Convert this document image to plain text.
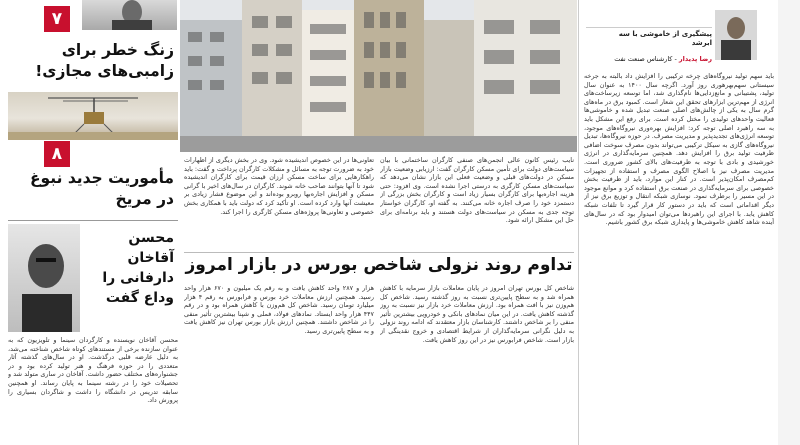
۷
زنگ خطر برای
زامبی‌های مجازی!
۸
مأموریت جدید نبوغ
در مریخ
محسن آقاخان
دارفانی را وداع گفت
محسن آقاخان نویسنده و کارگردان سینما و تلویزیون که به عنوان سازنده برخی از مستندهای کوتاه شاخص شناخته می‌شد، به دلیل عارضه قلبی درگذشت. او در سال‌های گذشته آثار متعددی را در حوزه فرهنگ و هنر تولید کرده بود و در جشنواره‌های مختلف حضور داشت. آقاخان در ساری متولد شد و تحصیلات خود را در رشته سینما به پایان رساند. او همچنین سابقه تدریس در دانشگاه را داشت و شاگردان بسیاری را پرورش داد.
نایب رئیس کانون عالی انجمن‌های صنفی کارگران ساختمانی با بیان سیاست‌های دولت برای تأمین مسکن کارگران گفت: ارزیابی وضعیت بازار مسکن در دولت‌های قبلی و وضعیت فعلی این بازار نشان می‌دهد که سیاست‌های مسکن کارگری به درستی اجرا نشده است. وی افزود: حتی هزینه اجاره‌بها برای کارگران بسیار زیاد است و کارگران بخش بزرگی از دستمزد خود را صرف اجاره خانه می‌کنند. به گفته او، کارگران خواستار توجه جدی به مسکن در سیاست‌های دولت هستند و باید برنامه‌ای برای حل این مشکل ارائه شود.
تعاونی‌ها در این خصوص اندیشیده شود. وی در بخش دیگری از اظهارات خود به ضرورت توجه به مسائل و مشکلات کارگران پرداخت و گفت: باید راهکارهایی برای ساخت مسکن ارزان قیمت برای کارگران اندیشیده شود تا آنها بتوانند صاحب خانه شوند. کارگران در سال‌های اخیر با گرانی مسکن و افزایش اجاره‌بها روبرو بوده‌اند و این موضوع فشار زیادی بر معیشت آنها وارد کرده است. او تأکید کرد که دولت باید با همکاری بخش خصوصی و تعاونی‌ها پروژه‌های مسکن کارگری را اجرا کند.
تداوم روند نزولی شاخص بورس در بازار امروز
شاخص کل بورس تهران امروز در پایان معاملات بازار سرمایه با کاهش همراه شد و به سطح پایین‌تری نسبت به روز گذشته رسید. شاخص کل هم‌وزن نیز با افت همراه بود. ارزش معاملات خرد بازار نیز نسبت به روز گذشته کاهش یافت. در این میان نمادهای بانکی و خودرویی بیشترین تأثیر منفی را بر شاخص داشتند. کارشناسان بازار معتقدند که ادامه روند نزولی به دلیل نگرانی سرمایه‌گذاران از شرایط اقتصادی و خروج نقدینگی از بازار است. شاخص فرابورس نیز در این روز کاهش یافت.
هزار و ۲۸۷ واحد کاهش یافت و به رقم یک میلیون و ۶۷۰ هزار واحد رسید. همچنین ارزش معاملات خرد بورس و فرابورس به رقم ۴ هزار میلیارد تومان رسید. شاخص کل هم‌وزن با کاهش همراه بود و در رقم ۴۴۷ هزار واحد ایستاد. نمادهای فولاد، فملی و شپنا بیشترین تأثیر منفی را در شاخص داشتند. همچنین ارزش بازار بورس تهران نیز کاهش یافت و به سطح پایین‌تری رسید.
پیشگیری از خاموشی با سه
ابرشد
رضا پدیدار - کارشناس صنعت نفت
باید سهم تولید نیروگاه‌های چرخه ترکیبی را افزایش داد بالبته به جرخه سیستانی سهم‌بهرهوری روز آورد. اگرچه سال ۱۴۰۰ به عنوان سال تولید، پشتیبانی و مانع‌زدایی‌ها نام‌گذاری شد، اما توسعه زیرساخت‌های انرژی از مهم‌ترین ابزارهای تحقق این شعار است. کمبود برق در ماه‌های گرم سال به یکی از چالش‌های اصلی صنعت تبدیل شده و خاموشی‌ها فعالیت واحدهای تولیدی را مختل کرده است. برای رفع این مشکل باید به سه راهبرد اصلی توجه کرد: افزایش بهره‌وری نیروگاه‌های موجود، توسعه انرژی‌های تجدیدپذیر و مدیریت مصرف. در حوزه نیروگاه‌ها، تبدیل نیروگاه‌های گازی به سیکل ترکیبی می‌تواند بدون مصرف سوخت اضافی ظرفیت تولید برق را افزایش دهد. همچنین سرمایه‌گذاری در انرژی خورشیدی و بادی با توجه به ظرفیت‌های بالای کشور ضروری است. مدیریت مصرف نیز با اصلاح الگوی مصرف و استفاده از تجهیزات کم‌مصرف امکان‌پذیر است. در کنار این موارد، باید از ظرفیت بخش خصوصی برای سرمایه‌گذاری در صنعت برق استفاده کرد و موانع موجود در این مسیر را برطرف نمود. نوسازی شبکه انتقال و توزیع برق نیز از دیگر اقداماتی است که باید در دستور کار قرار گیرد تا تلفات شبکه کاهش یابد. با اجرای این راهبردها می‌توان امیدوار بود که در سال‌های آینده شاهد کاهش خاموشی‌ها و پایداری شبکه برق کشور باشیم.
